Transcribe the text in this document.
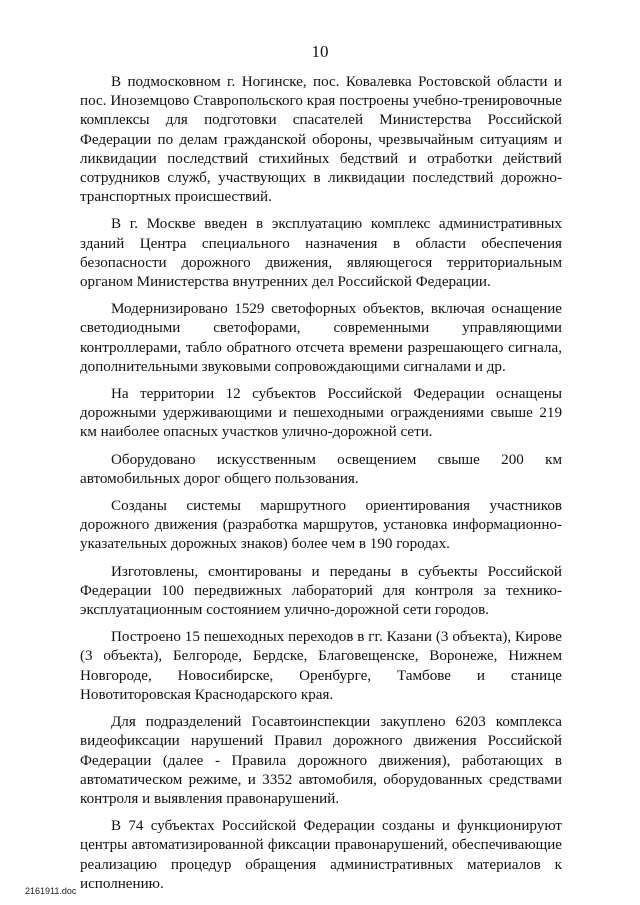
10

В подмосковном г. Ногинске, пос. Ковалевка Ростовской области и пос. Иноземцово Ставропольского края построены учебно-тренировочные комплексы для подготовки спасателей Министерства Российской Федерации по делам гражданской обороны, чрезвычайным ситуациям и ликвидации последствий стихийных бедствий и отработки действий сотрудников служб, участвующих в ликвидации последствий дорожно-транспортных происшествий.

В г. Москве введен в эксплуатацию комплекс административных зданий Центра специального назначения в области обеспечения безопасности дорожного движения, являющегося территориальным органом Министерства внутренних дел Российской Федерации.

Модернизировано 1529 светофорных объектов, включая оснащение светодиодными светофорами, современными управляющими контроллерами, табло обратного отсчета времени разрешающего сигнала, дополнительными звуковыми сопровождающими сигналами и др.

На территории 12 субъектов Российской Федерации оснащены дорожными удерживающими и пешеходными ограждениями свыше 219 км наиболее опасных участков улично-дорожной сети.

Оборудовано искусственным освещением свыше 200 км автомобильных дорог общего пользования.

Созданы системы маршрутного ориентирования участников дорожного движения (разработка маршрутов, установка информационно-указательных дорожных знаков) более чем в 190 городах.

Изготовлены, смонтированы и переданы в субъекты Российской Федерации 100 передвижных лабораторий для контроля за технико-эксплуатационным состоянием улично-дорожной сети городов.

Построено 15 пешеходных переходов в гг. Казани (3 объекта), Кирове (3 объекта), Белгороде, Бердске, Благовещенске, Воронеже, Нижнем Новгороде, Новосибирске, Оренбурге, Тамбове и станице Новотиторовская Краснодарского края.

Для подразделений Госавтоинспекции закуплено 6203 комплекса видеофиксации нарушений Правил дорожного движения Российской Федерации (далее - Правила дорожного движения), работающих в автоматическом режиме, и 3352 автомобиля, оборудованных средствами контроля и выявления правонарушений.

В 74 субъектах Российской Федерации созданы и функционируют центры автоматизированной фиксации правонарушений, обеспечивающие реализацию процедур обращения административных материалов к исполнению.

2161911.doc
